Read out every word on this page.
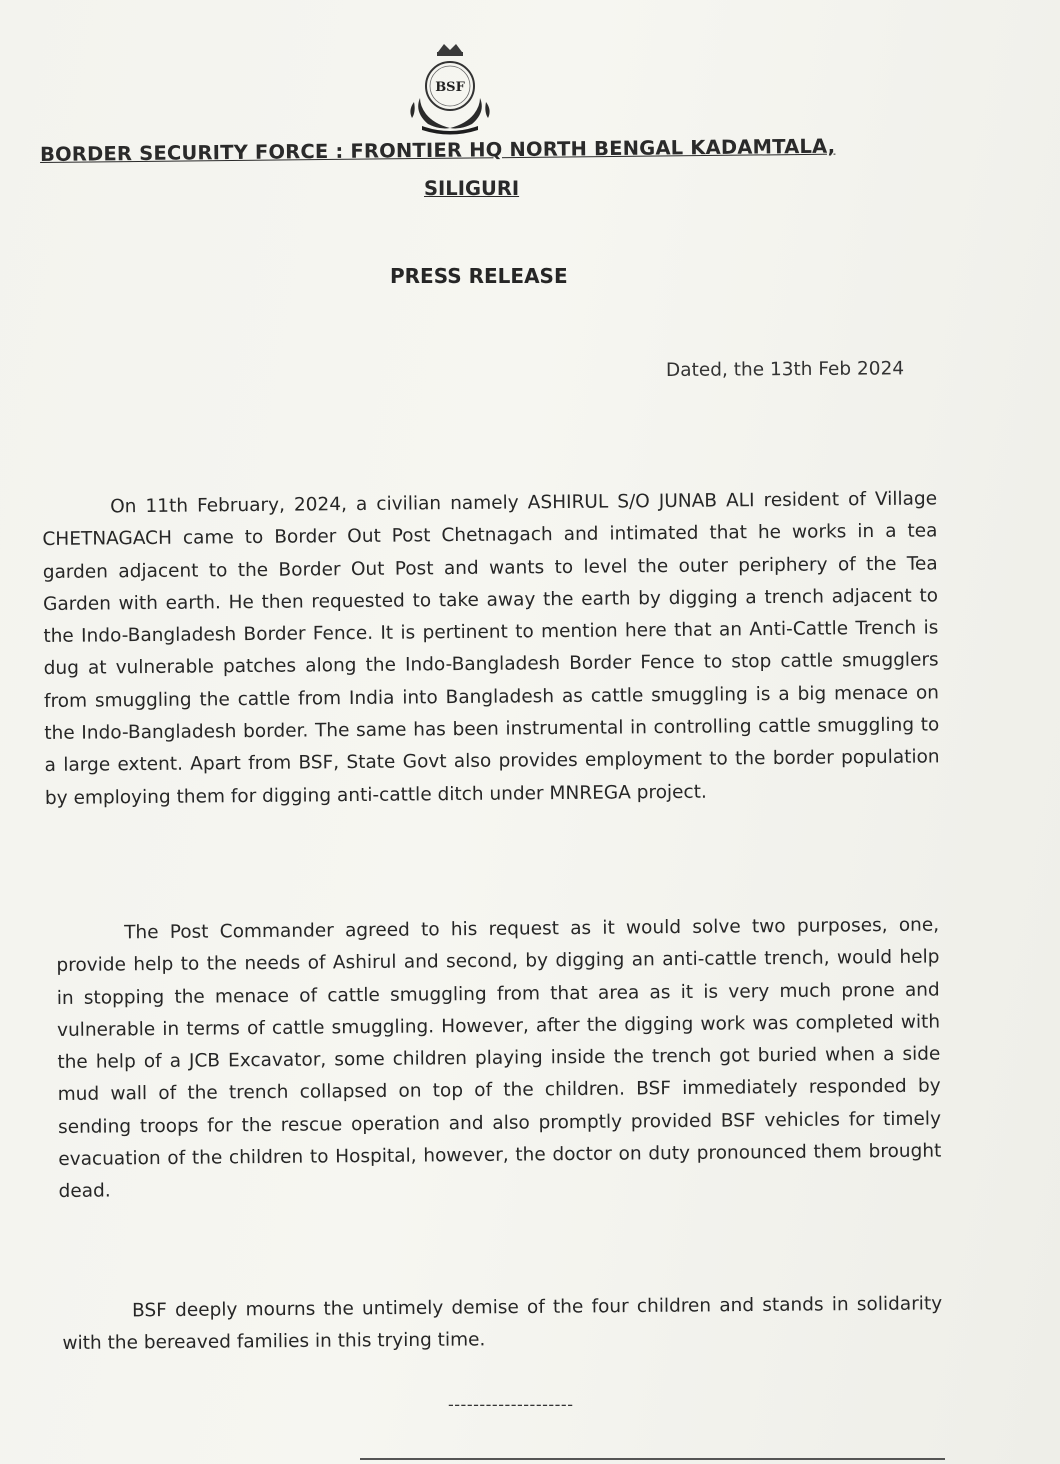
BSF
BORDER SECURITY FORCE : FRONTIER HQ NORTH BENGAL KADAMTALA,
SILIGURI
PRESS RELEASE
Dated, the 13th Feb 2024

On 11th February, 2024, a civilian namely ASHIRUL S/O JUNAB ALI resident of Village CHETNAGACH came to Border Out Post Chetnagach and intimated that he works in a tea garden adjacent to the Border Out Post and wants to level the outer periphery of the Tea Garden with earth. He then requested to take away the earth by digging a trench adjacent to the Indo-Bangladesh Border Fence. It is pertinent to mention here that an Anti-Cattle Trench is dug at vulnerable patches along the Indo-Bangladesh Border Fence to stop cattle smugglers from smuggling the cattle from India into Bangladesh as cattle smuggling is a big menace on the Indo-Bangladesh border. The same has been instrumental in controlling cattle smuggling to a large extent. Apart from BSF, State Govt also provides employment to the border population by employing them for digging anti-cattle ditch under MNREGA project.

The Post Commander agreed to his request as it would solve two purposes, one, provide help to the needs of Ashirul and second, by digging an anti-cattle trench, would help in stopping the menace of cattle smuggling from that area as it is very much prone and vulnerable in terms of cattle smuggling. However, after the digging work was completed with the help of a JCB Excavator, some children playing inside the trench got buried when a side mud wall of the trench collapsed on top of the children. BSF immediately responded by sending troops for the rescue operation and also promptly provided BSF vehicles for timely evacuation of the children to Hospital, however, the doctor on duty pronounced them brought dead.

BSF deeply mourns the untimely demise of the four children and stands in solidarity with the bereaved families in this trying time.

--------------------
